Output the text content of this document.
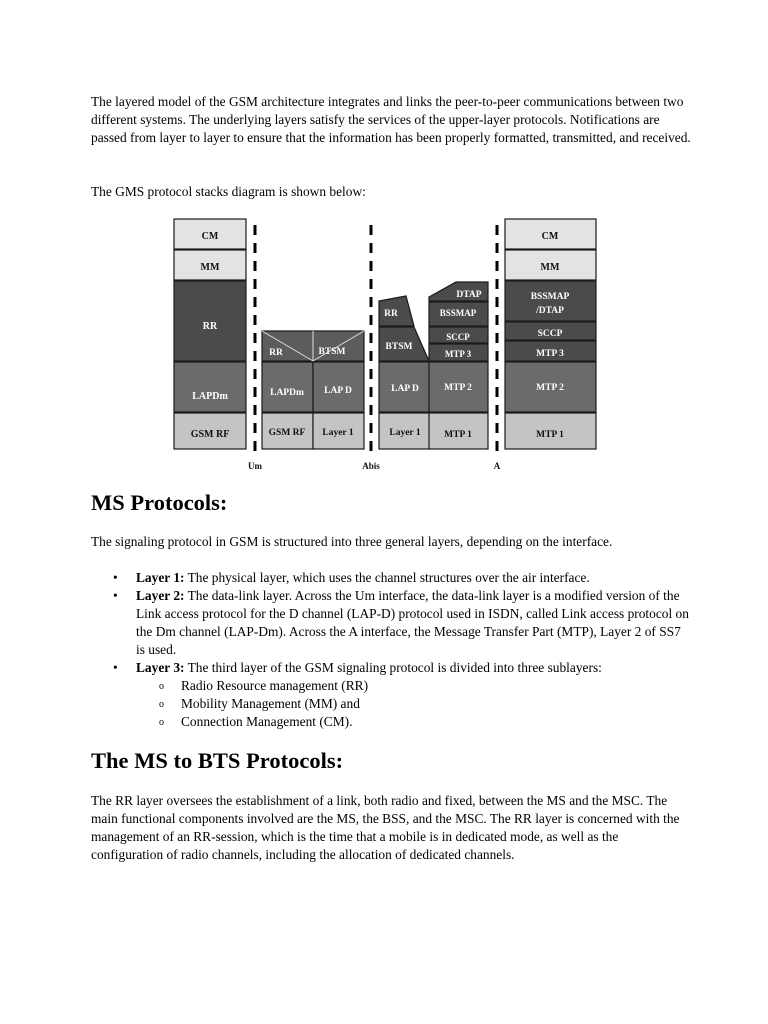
The layered model of the GSM architecture integrates and links the peer-to-peer communications between two different systems. The underlying layers satisfy the services of the upper-layer protocols. Notifications are passed from layer to layer to ensure that the information has been properly formatted, transmitted, and received.

The GMS protocol stacks diagram is shown below:

CM
MM
RR
LAPDm
GSM RF
RR	BTSM
LAPDm LAP D
GSM RF Layer 1
RR
BTSM
LAP D
Layer 1
DTAP
BSSMAP
SCCP
MTP 3
MTP 2
MTP 1
CM
MM
BSSMAP
/DTAP
SCCP
MTP 3
MTP 2
MTP 1
Um	Abis	A
MS Protocols:

The signaling protocol in GSM is structured into three general layers, depending on the interface.

• Layer 1: The physical layer, which uses the channel structures over the air interface.
• Layer 2: The data-link layer. Across the Um interface, the data-link layer is a modified version of the Link access protocol for the D channel (LAP-D) protocol used in ISDN, called Link access protocol on the Dm channel (LAP-Dm). Across the A interface, the Message Transfer Part (MTP), Layer 2 of SS7 is used.
• Layer 3: The third layer of the GSM signaling protocol is divided into three sublayers:
o Radio Resource management (RR)
o Mobility Management (MM) and
o Connection Management (CM).
The MS to BTS Protocols:

The RR layer oversees the establishment of a link, both radio and fixed, between the MS and the MSC. The main functional components involved are the MS, the BSS, and the MSC. The RR layer is concerned with the management of an RR-session, which is the time that a mobile is in dedicated mode, as well as the configuration of radio channels, including the allocation of dedicated channels.
